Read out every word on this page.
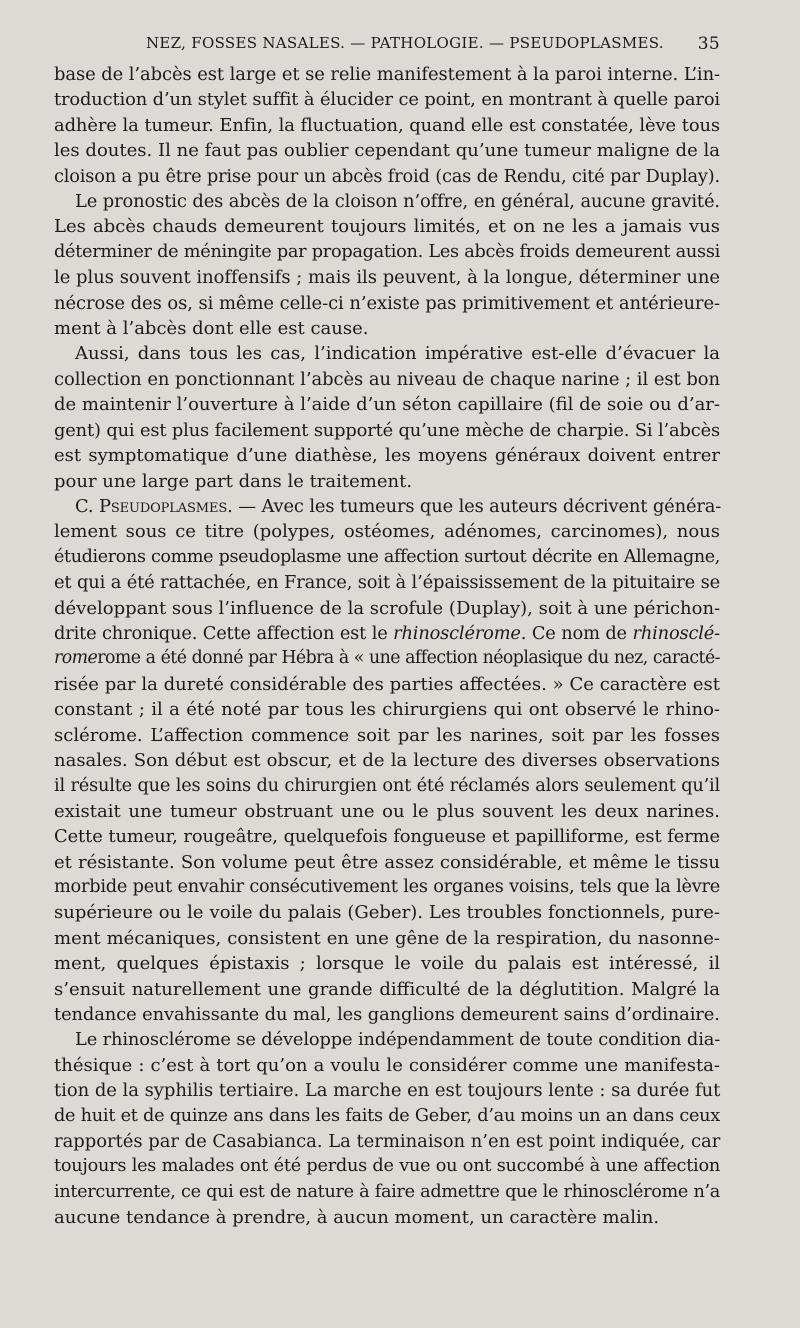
NEZ, FOSSES NASALES. — PATHOLOGIE. — PSEUDOPLASMES. 35

base de l’abcès est large et se relie manifestement à la paroi interne. L’in-
troduction d’un stylet suffit à élucider ce point, en montrant à quelle paroi
adhère la tumeur. Enfin, la fluctuation, quand elle est constatée, lève tous
les doutes. Il ne faut pas oublier cependant qu’une tumeur maligne de la
cloison a pu être prise pour un abcès froid (cas de Rendu, cité par Duplay).

Le pronostic des abcès de la cloison n’offre, en général, aucune gravité.
Les abcès chauds demeurent toujours limités, et on ne les a jamais vus
déterminer de méningite par propagation. Les abcès froids demeurent aussi
le plus souvent inoffensifs ; mais ils peuvent, à la longue, déterminer une
nécrose des os, si même celle-ci n’existe pas primitivement et antérieure-
ment à l’abcès dont elle est cause.

Aussi, dans tous les cas, l’indication impérative est-elle d’évacuer la
collection en ponctionnant l’abcès au niveau de chaque narine ; il est bon
de maintenir l’ouverture à l’aide d’un séton capillaire (fil de soie ou d’ar-
gent) qui est plus facilement supporté qu’une mèche de charpie. Si l’abcès
est symptomatique d’une diathèse, les moyens généraux doivent entrer
pour une large part dans le traitement.

C. Pseudoplasmes. — Avec les tumeurs que les auteurs décrivent généra-
lement sous ce titre (polypes, ostéomes, adénomes, carcinomes), nous
étudierons comme pseudoplasme une affection surtout décrite en Allemagne,
et qui a été rattachée, en France, soit à l’épaississement de la pituitaire se
développant sous l’influence de la scrofule (Duplay), soit à une périchon-
drite chronique. Cette affection est le rhinosclérome. Ce nom de rhinosclé-
romerome a été donné par Hébra à « une affection néoplasique du nez, caracté-
risée par la dureté considérable des parties affectées. » Ce caractère est
constant ; il a été noté par tous les chirurgiens qui ont observé le rhino-
sclérome. L’affection commence soit par les narines, soit par les fosses
nasales. Son début est obscur, et de la lecture des diverses observations
il résulte que les soins du chirurgien ont été réclamés alors seulement qu’il
existait une tumeur obstruant une ou le plus souvent les deux narines.
Cette tumeur, rougeâtre, quelquefois fongueuse et papilliforme, est ferme
et résistante. Son volume peut être assez considérable, et même le tissu
morbide peut envahir consécutivement les organes voisins, tels que la lèvre
supérieure ou le voile du palais (Geber). Les troubles fonctionnels, pure-
ment mécaniques, consistent en une gêne de la respiration, du nasonne-
ment, quelques épistaxis ; lorsque le voile du palais est intéressé, il
s’ensuit naturellement une grande difficulté de la déglutition. Malgré la
tendance envahissante du mal, les ganglions demeurent sains d’ordinaire.

Le rhinosclérome se développe indépendamment de toute condition dia-
thésique : c’est à tort qu’on a voulu le considérer comme une manifesta-
tion de la syphilis tertiaire. La marche en est toujours lente : sa durée fut
de huit et de quinze ans dans les faits de Geber, d’au moins un an dans ceux
rapportés par de Casabianca. La terminaison n’en est point indiquée, car
toujours les malades ont été perdus de vue ou ont succombé à une affection
intercurrente, ce qui est de nature à faire admettre que le rhinosclérome n’a
aucune tendance à prendre, à aucun moment, un caractère malin.
